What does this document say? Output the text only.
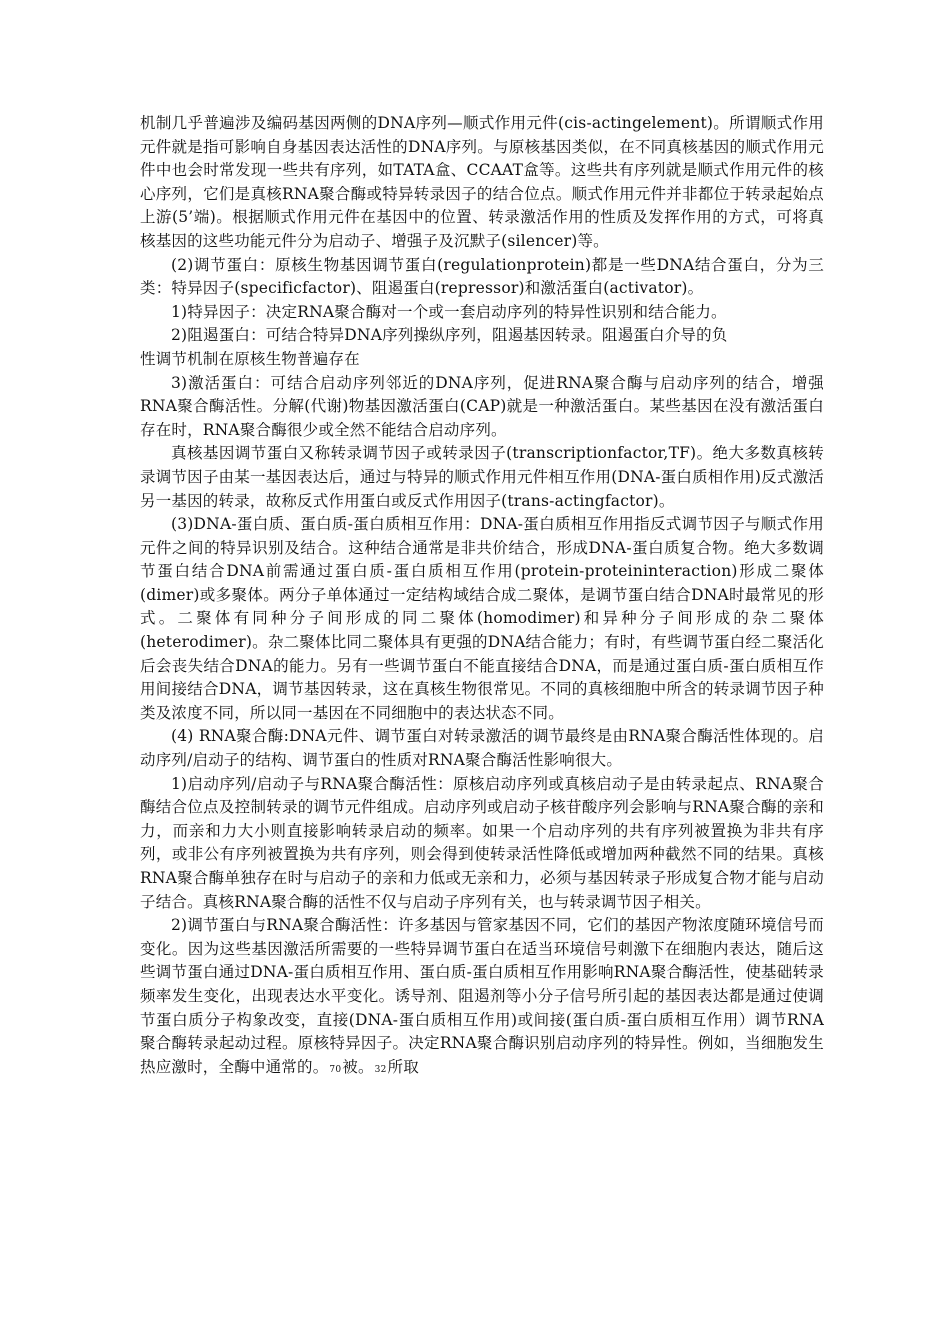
机制几乎普遍涉及编码基因两侧的DNA序列—顺式作用元件(cis-actingelement)。所谓顺式作用元件就是指可影响自身基因表达活性的DNA序列。与原核基因类似，在不同真核基因的顺式作用元件中也会时常发现一些共有序列，如TATA盒、CCAAT盒等。这些共有序列就是顺式作用元件的核心序列，它们是真核RNA聚合酶或特异转录因子的结合位点。顺式作用元件并非都位于转录起始点上游(5’端)。根据顺式作用元件在基因中的位置、转录激活作用的性质及发挥作用的方式，可将真核基因的这些功能元件分为启动子、增强子及沉默子(silencer)等。

(2)调节蛋白：原核生物基因调节蛋白(regulationprotein)都是一些DNA结合蛋白，分为三类：特异因子(specificfactor)、阻遏蛋白(repressor)和激活蛋白(activator)。

1)特异因子：决定RNA聚合酶对一个或一套启动序列的特异性识别和结合能力。

2)阻遏蛋白：可结合特异DNA序列操纵序列，阻遏基因转录。阻遏蛋白介导的负

性调节机制在原核生物普遍存在

3)激活蛋白：可结合启动序列邻近的DNA序列，促进RNA聚合酶与启动序列的结合，增强RNA聚合酶活性。分解(代谢)物基因激活蛋白(CAP)就是一种激活蛋白。某些基因在没有激活蛋白存在时，RNA聚合酶很少或全然不能结合启动序列。

真核基因调节蛋白又称转录调节因子或转录因子(transcriptionfactor,TF)。绝大多数真核转录调节因子由某一基因表达后，通过与特异的顺式作用元件相互作用(DNA-蛋白质相作用)反式激活另一基因的转录，故称反式作用蛋白或反式作用因子(trans-actingfactor)。

(3)DNA-蛋白质、蛋白质-蛋白质相互作用：DNA-蛋白质相互作用指反式调节因子与顺式作用元件之间的特异识别及结合。这种结合通常是非共价结合，形成DNA-蛋白质复合物。绝大多数调节蛋白结合DNA前需通过蛋白质-蛋白质相互作用(protein-proteininteraction)形成二聚体(dimer)或多聚体。两分子单体通过一定结构域结合成二聚体，是调节蛋白结合DNA时最常见的形式。二聚体有同种分子间形成的同二聚体(homodimer)和异种分子间形成的杂二聚体(heterodimer)。杂二聚体比同二聚体具有更强的DNA结合能力；有时，有些调节蛋白经二聚活化后会丧失结合DNA的能力。另有一些调节蛋白不能直接结合DNA，而是通过蛋白质-蛋白质相互作用间接结合DNA，调节基因转录，这在真核生物很常见。不同的真核细胞中所含的转录调节因子种类及浓度不同，所以同一基因在不同细胞中的表达状态不同。

(4) RNA聚合酶:DNA元件、调节蛋白对转录激活的调节最终是由RNA聚合酶活性体现的。启动序列/启动子的结构、调节蛋白的性质对RNA聚合酶活性影响很大。

1)启动序列/启动子与RNA聚合酶活性：原核启动序列或真核启动子是由转录起点、RNA聚合酶结合位点及控制转录的调节元件组成。启动序列或启动子核苷酸序列会影响与RNA聚合酶的亲和力，而亲和力大小则直接影响转录启动的频率。如果一个启动序列的共有序列被置换为非共有序列，或非公有序列被置换为共有序列，则会得到使转录活性降低或增加两种截然不同的结果。真核RNA聚合酶单独存在时与启动子的亲和力低或无亲和力，必须与基因转录子形成复合物才能与启动子结合。真核RNA聚合酶的活性不仅与启动子序列有关，也与转录调节因子相关。

2)调节蛋白与RNA聚合酶活性：许多基因与管家基因不同，它们的基因产物浓度随环境信号而变化。因为这些基因激活所需要的一些特异调节蛋白在适当环境信号刺激下在细胞内表达，随后这些调节蛋白通过DNA-蛋白质相互作用、蛋白质-蛋白质相互作用影响RNA聚合酶活性，使基础转录频率发生变化，出现表达水平变化。诱导剂、阻遏剂等小分子信号所引起的基因表达都是通过使调节蛋白质分子构象改变，直接(DNA-蛋白质相互作用)或间接(蛋白质-蛋白质相互作用）调节RNA聚合酶转录起动过程。原核特异因子。决定RNA聚合酶识别启动序列的特异性。例如，当细胞发生热应激时，全酶中通常的。70被。32所取
